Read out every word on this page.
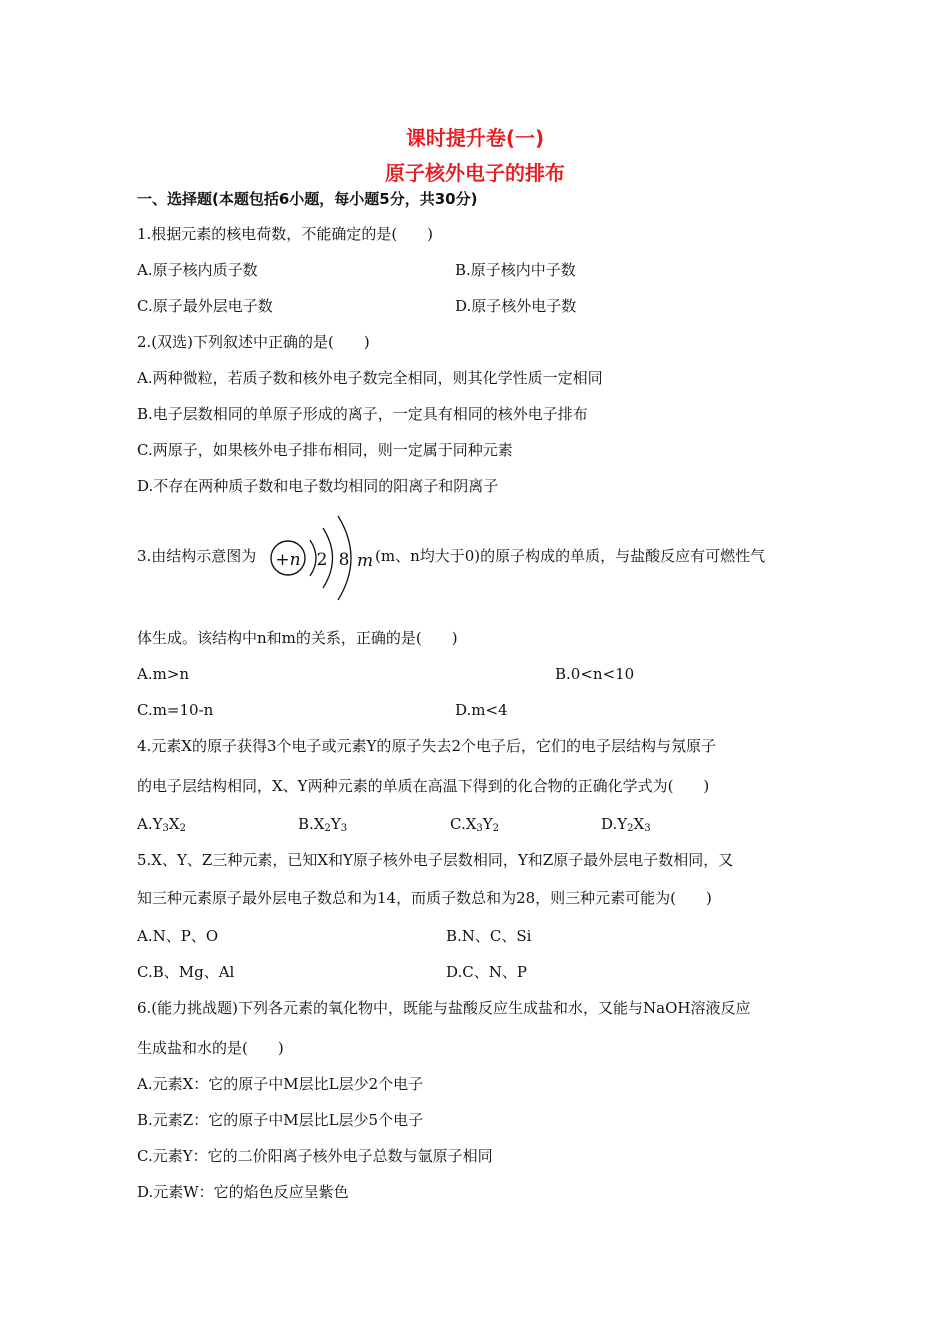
课时提升卷(一)
原子核外电子的排布
一、选择题(本题包括6小题，每小题5分，共30分)
1.根据元素的核电荷数，不能确定的是(　　)
A.原子核内质子数	B.原子核内中子数
C.原子最外层电子数	D.原子核外电子数
2.(双选)下列叙述中正确的是(　　)
A.两种微粒，若质子数和核外电子数完全相同，则其化学性质一定相同
B.电子层数相同的单原子形成的离子，一定具有相同的核外电子排布
C.两原子，如果核外电子排布相同，则一定属于同种元素
D.不存在两种质子数和电子数均相同的阳离子和阴离子
3.由结构示意图为 +n 2 8 m (m、n均大于0)的原子构成的单质，与盐酸反应有可燃性气
体生成。该结构中n和m的关系，正确的是(　　)
A.m>n	B.0<n<10
C.m=10-n	D.m<4
4.元素X的原子获得3个电子或元素Y的原子失去2个电子后，它们的电子层结构与氖原子
的电子层结构相同，X、Y两种元素的单质在高温下得到的化合物的正确化学式为(　　)
$A.Y_3X_2$	$B.X_2Y_3$	$C.X_3Y_2$	$D.Y_2X_3$
5.X、Y、Z三种元素，已知X和Y原子核外电子层数相同，Y和Z原子最外层电子数相同，又
知三种元素原子最外层电子数总和为14，而质子数总和为28，则三种元素可能为(　　)
A.N、P、O	B.N、C、Si
C.B、Mg、Al	D.C、N、P
6.(能力挑战题)下列各元素的氧化物中，既能与盐酸反应生成盐和水，又能与NaOH溶液反应
生成盐和水的是(　　)
A.元素X：它的原子中M层比L层少2个电子
B.元素Z：它的原子中M层比L层少5个电子
C.元素Y：它的二价阳离子核外电子总数与氩原子相同
D.元素W：它的焰色反应呈紫色
